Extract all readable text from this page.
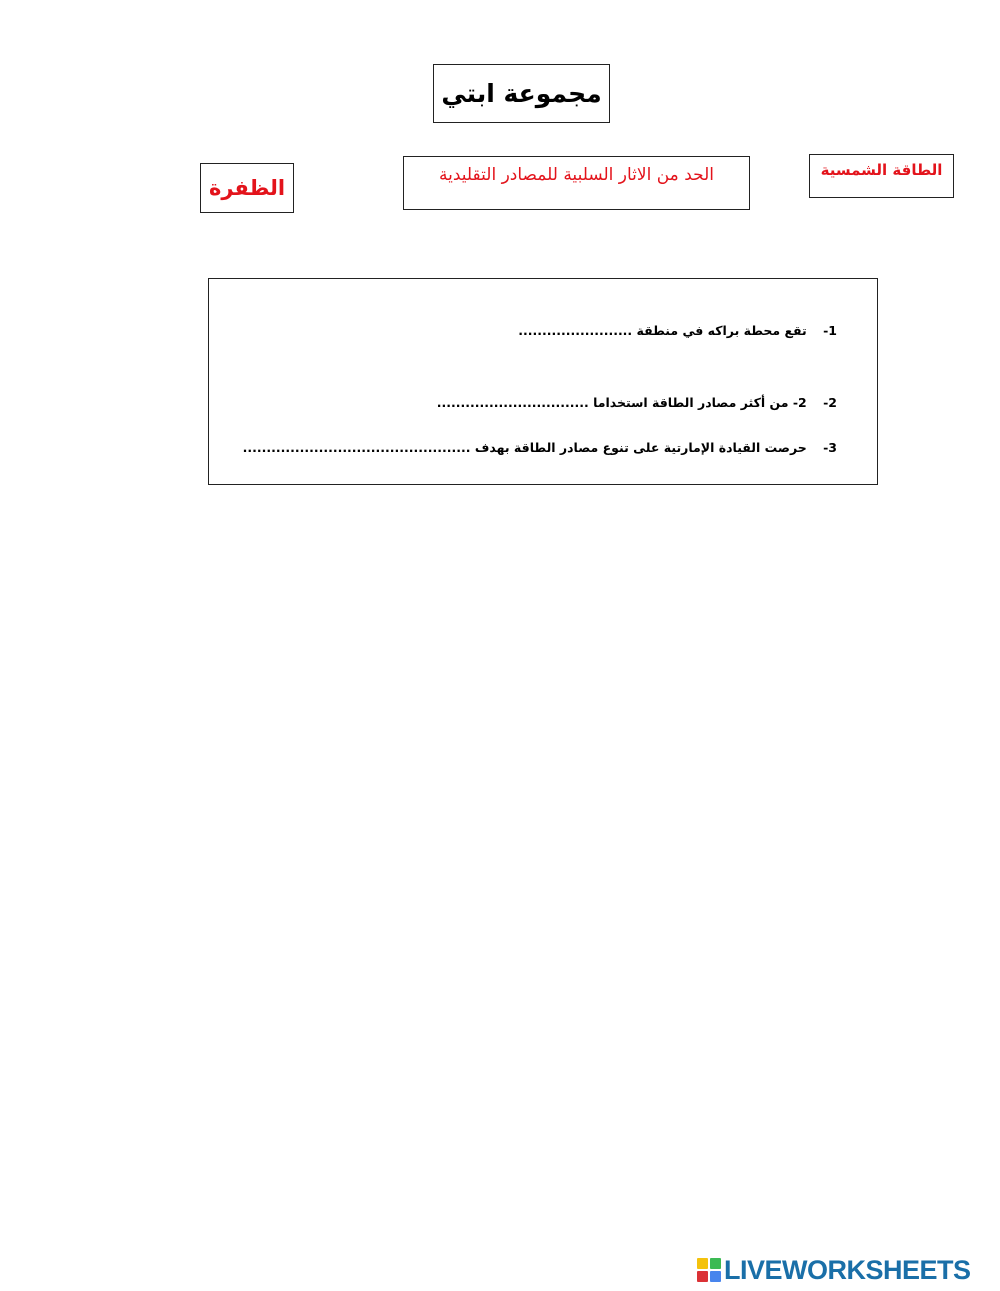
مجموعة ابتي
الطاقة الشمسية
الحد من الاثار السلبية للمصادر التقليدية
الظفرة
1- تقع محطة براكه في منطقة ........................
2- 2- من أكثر مصادر الطاقة استخداما ................................
3- حرصت القيادة الإمارتية على تنوع مصادر الطاقة بهدف ................................................
LIVEWORKSHEETS
